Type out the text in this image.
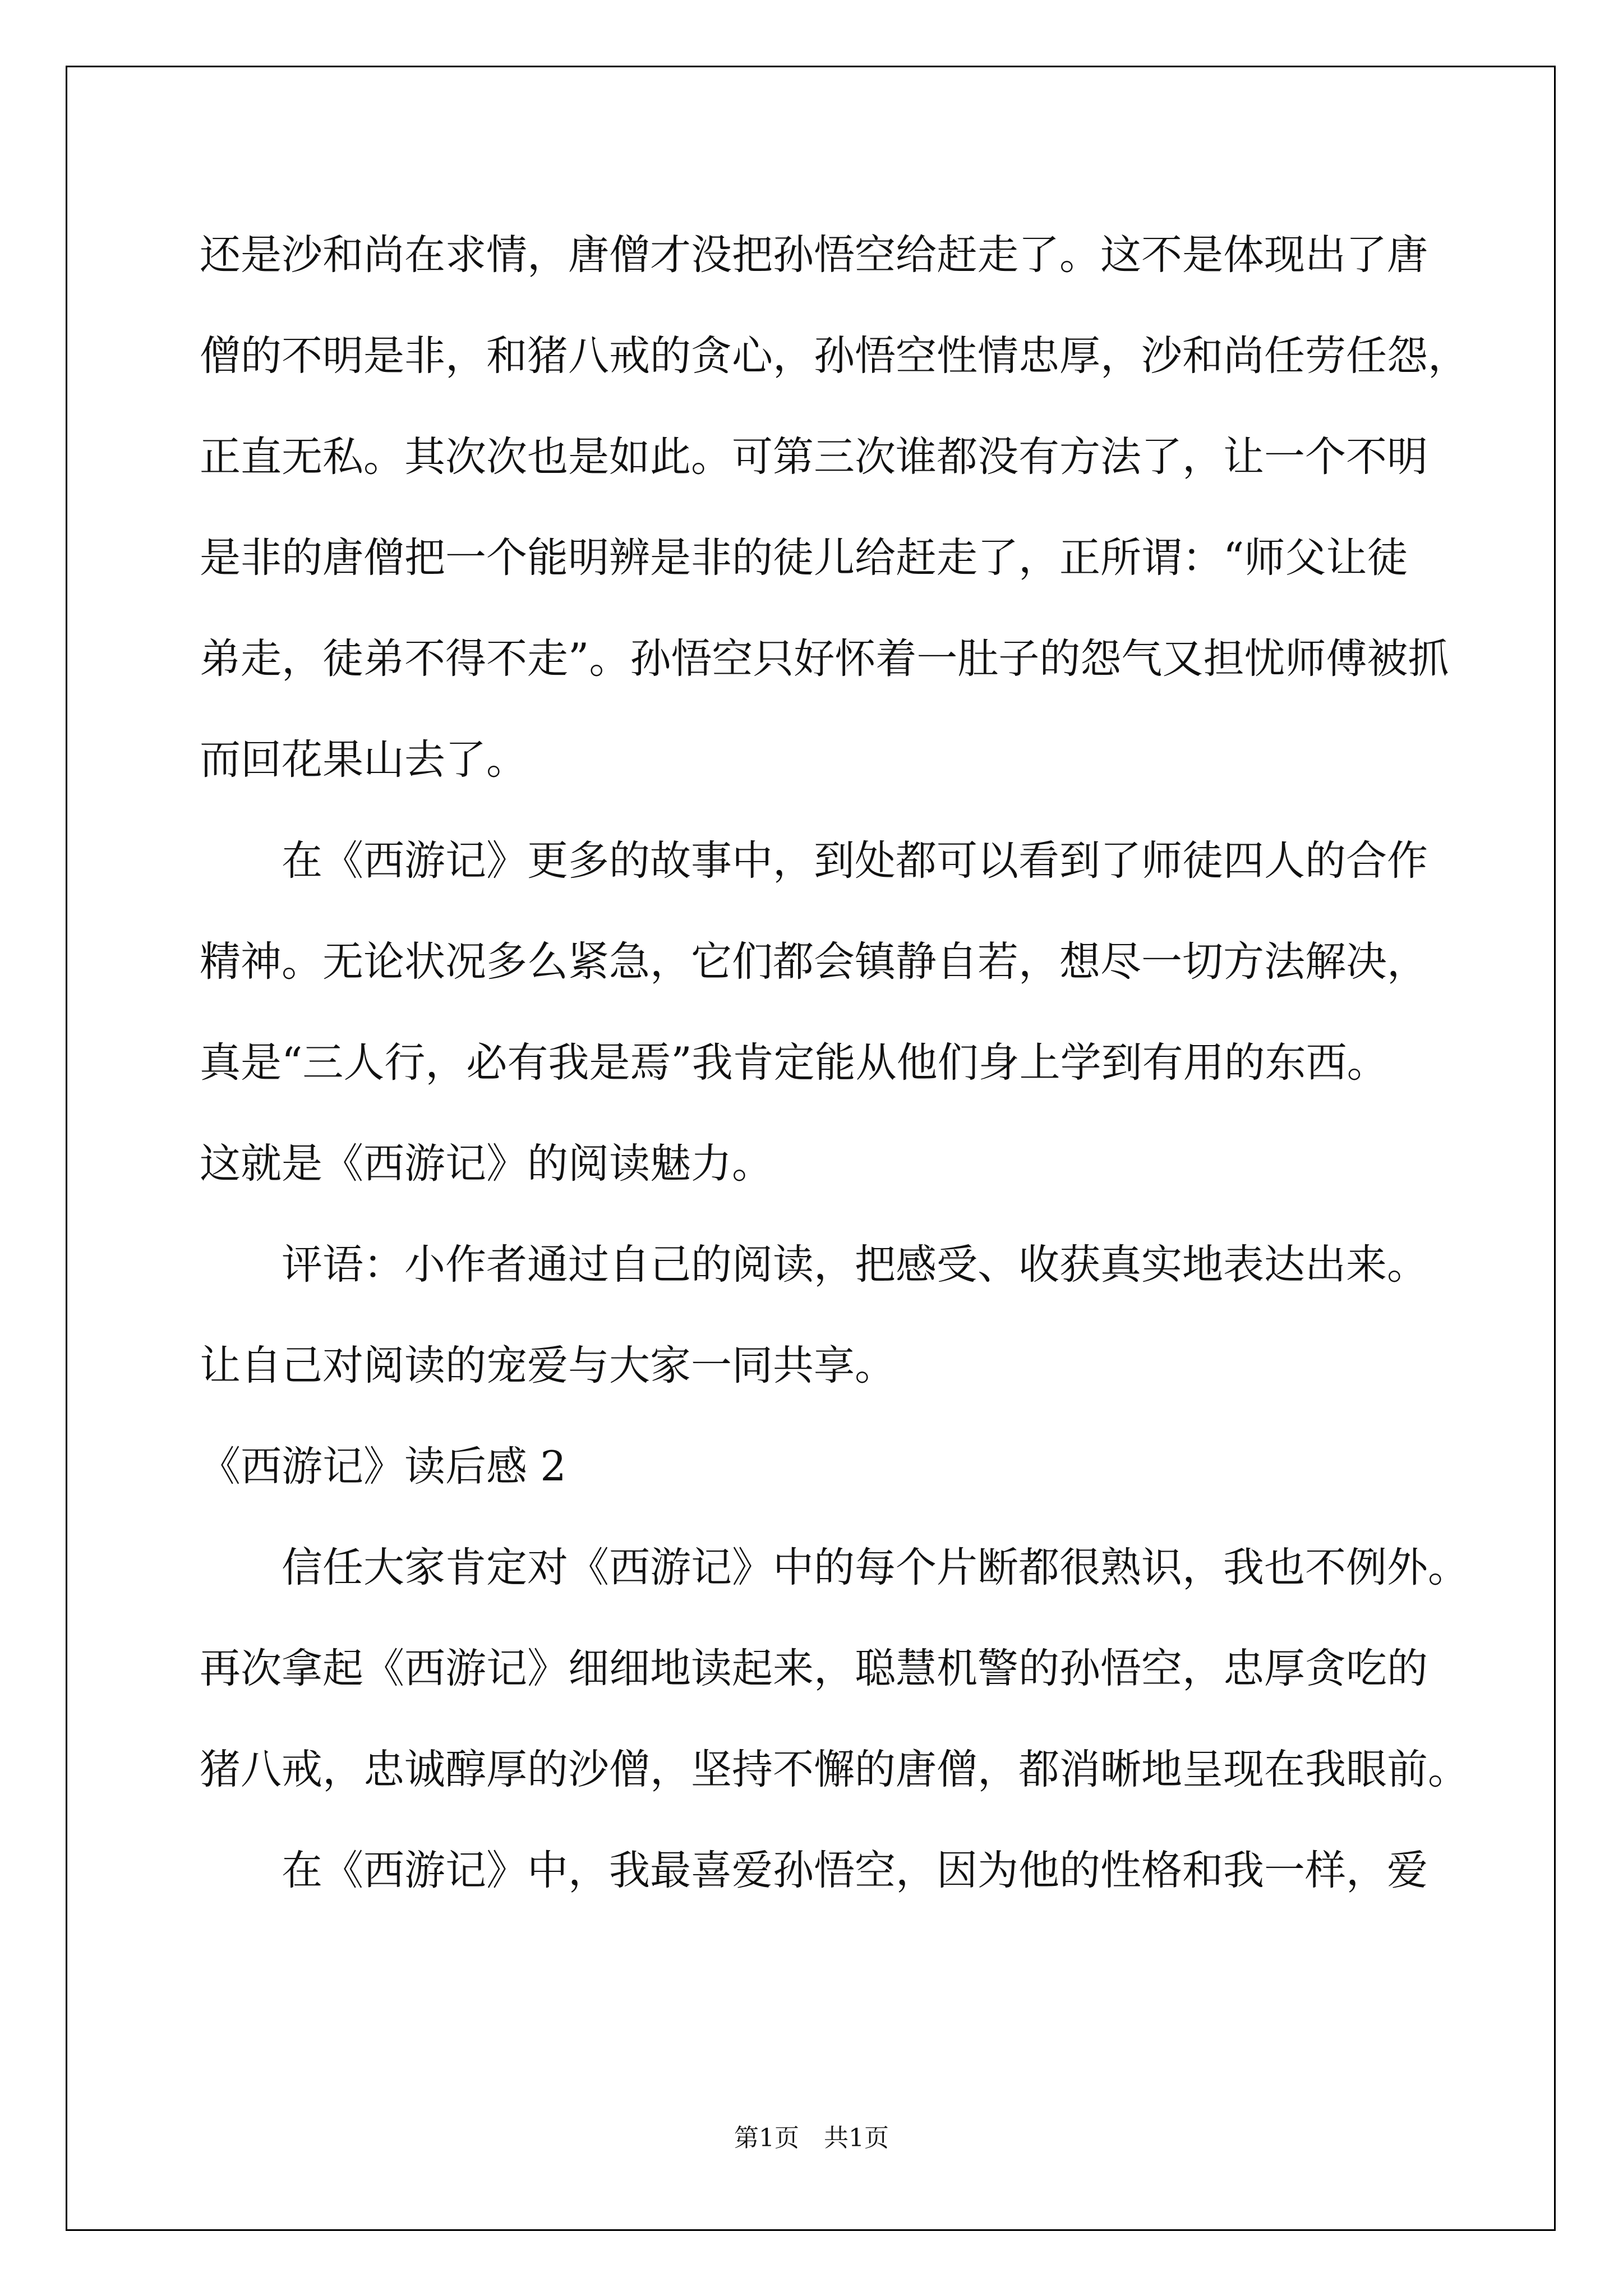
还是沙和尚在求情，唐僧才没把孙悟空给赶走了。这不是体现出了唐

僧的不明是非，和猪八戒的贪心，孙悟空性情忠厚，沙和尚任劳任怨，

正直无私。其次次也是如此。可第三次谁都没有方法了，让一个不明

是非的唐僧把一个能明辨是非的徒儿给赶走了，正所谓：“师父让徒

弟走，徒弟不得不走”。孙悟空只好怀着一肚子的怨气又担忧师傅被抓

而回花果山去了。

　　在《西游记》更多的故事中，到处都可以看到了师徒四人的合作

精神。无论状况多么紧急，它们都会镇静自若，想尽一切方法解决，

真是“三人行，必有我是焉”我肯定能从他们身上学到有用的东西。

这就是《西游记》的阅读魅力。

　　评语：小作者通过自己的阅读，把感受、收获真实地表达出来。

让自己对阅读的宠爱与大家一同共享。

《西游记》读后感 2

　　信任大家肯定对《西游记》中的每个片断都很熟识，我也不例外。

再次拿起《西游记》细细地读起来，聪慧机警的孙悟空，忠厚贪吃的

猪八戒，忠诚醇厚的沙僧，坚持不懈的唐僧，都消晰地呈现在我眼前。

　　在《西游记》中，我最喜爱孙悟空，因为他的性格和我一样，爱

第1页　共1页
